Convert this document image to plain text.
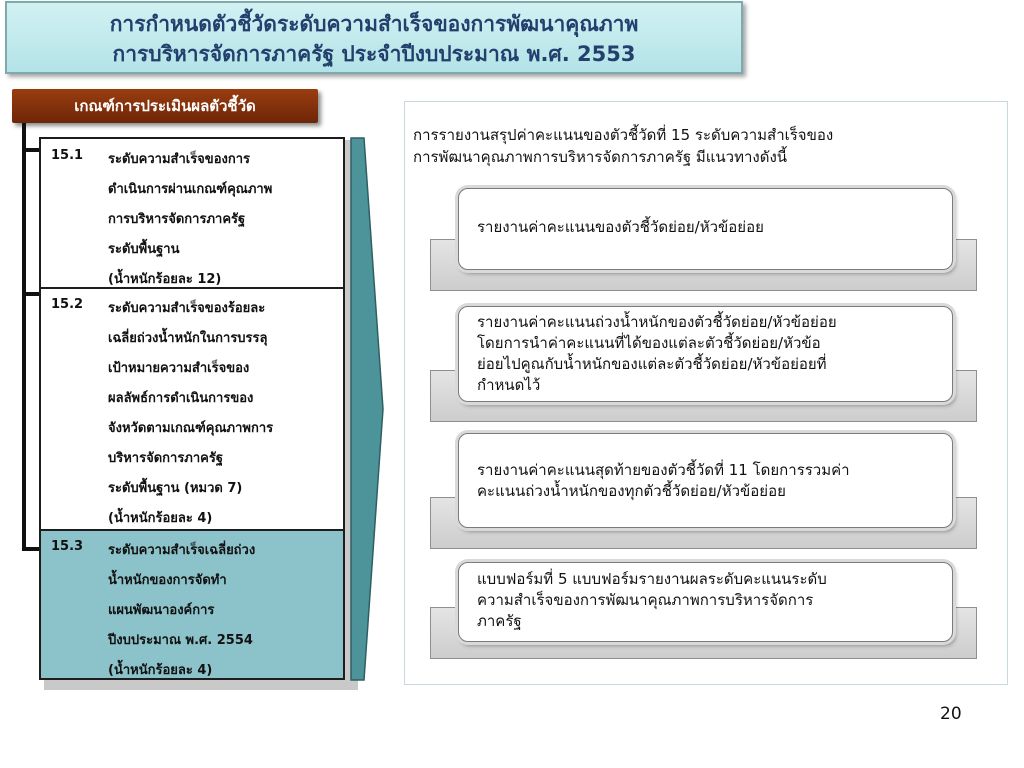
การกำหนดตัวชี้วัดระดับความสำเร็จของการพัฒนาคุณภาพ
การบริหารจัดการภาครัฐ ประจำปีงบประมาณ พ.ศ. 2553
เกณฑ์การประเมินผลตัวชี้วัด
15.1 ระดับความสำเร็จของการ
ดำเนินการผ่านเกณฑ์คุณภาพ
การบริหารจัดการภาครัฐ
ระดับพื้นฐาน
(น้ำหนักร้อยละ 12)
15.2 ระดับความสำเร็จของร้อยละ
เฉลี่ยถ่วงน้ำหนักในการบรรลุ
เป้าหมายความสำเร็จของ
ผลลัพธ์การดำเนินการของ
จังหวัดตามเกณฑ์คุณภาพการ
บริหารจัดการภาครัฐ
ระดับพื้นฐาน (หมวด 7)
(น้ำหนักร้อยละ 4)
15.3 ระดับความสำเร็จเฉลี่ยถ่วง
น้ำหนักของการจัดทำ
แผนพัฒนาองค์การ
ปีงบประมาณ พ.ศ. 2554
(น้ำหนักร้อยละ 4)
การรายงานสรุปค่าคะแนนของตัวชี้วัดที่ 15 ระดับความสำเร็จของ
การพัฒนาคุณภาพการบริหารจัดการภาครัฐ มีแนวทางดังนี้
รายงานค่าคะแนนของตัวชี้วัดย่อย/หัวข้อย่อย
รายงานค่าคะแนนถ่วงน้ำหนักของตัวชี้วัดย่อย/หัวข้อย่อย
โดยการนำค่าคะแนนที่ได้ของแต่ละตัวชี้วัดย่อย/หัวข้อ
ย่อยไปคูณกับน้ำหนักของแต่ละตัวชี้วัดย่อย/หัวข้อย่อยที่
กำหนดไว้
รายงานค่าคะแนนสุดท้ายของตัวชี้วัดที่ 11 โดยการรวมค่า
คะแนนถ่วงน้ำหนักของทุกตัวชี้วัดย่อย/หัวข้อย่อย
แบบฟอร์มที่ 5 แบบฟอร์มรายงานผลระดับคะแนนระดับ
ความสำเร็จของการพัฒนาคุณภาพการบริหารจัดการ
ภาครัฐ
20
